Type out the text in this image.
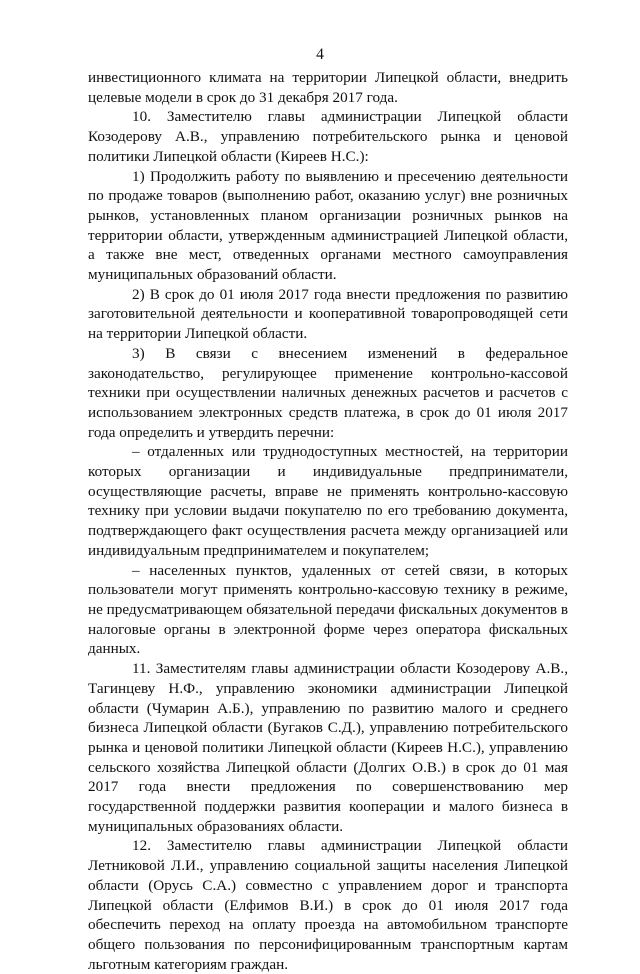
4

инвестиционного климата на территории Липецкой области, внедрить целевые модели в срок до 31 декабря 2017 года.

10. Заместителю главы администрации Липецкой области Козодерову А.В., управлению потребительского рынка и ценовой политики Липецкой области (Киреев Н.С.):

1) Продолжить работу по выявлению и пресечению деятельности по продаже товаров (выполнению работ, оказанию услуг) вне розничных рынков, установленных планом организации розничных рынков на территории области, утвержденным администрацией Липецкой области, а также вне мест, отведенных органами местного самоуправления муниципальных образований области.

2) В срок до 01 июля 2017 года внести предложения по развитию заготовительной деятельности и кооперативной товаропроводящей сети на территории Липецкой области.

3) В связи с внесением изменений в федеральное законодательство, регулирующее применение контрольно-кассовой техники при осуществлении наличных денежных расчетов и расчетов с использованием электронных средств платежа, в срок до 01 июля 2017 года определить и утвердить перечни:

– отдаленных или труднодоступных местностей, на территории которых организации и индивидуальные предприниматели, осуществляющие расчеты, вправе не применять контрольно-кассовую технику при условии выдачи покупателю по его требованию документа, подтверждающего факт осуществления расчета между организацией или индивидуальным предпринимателем и покупателем;

– населенных пунктов, удаленных от сетей связи, в которых пользователи могут применять контрольно-кассовую технику в режиме, не предусматривающем обязательной передачи фискальных документов в налоговые органы в электронной форме через оператора фискальных данных.

11. Заместителям главы администрации области Козодерову А.В., Тагинцеву Н.Ф., управлению экономики администрации Липецкой области (Чумарин А.Б.), управлению по развитию малого и среднего бизнеса Липецкой области (Бугаков С.Д.), управлению потребительского рынка и ценовой политики Липецкой области (Киреев Н.С.), управлению сельского хозяйства Липецкой области (Долгих О.В.) в срок до 01 мая 2017 года внести предложения по совершенствованию мер государственной поддержки развития кооперации и малого бизнеса в муниципальных образованиях области.

12. Заместителю главы администрации Липецкой области Летниковой Л.И., управлению социальной защиты населения Липецкой области (Орусь С.А.) совместно с управлением дорог и транспорта Липецкой области (Елфимов В.И.) в срок до 01 июля 2017 года обеспечить переход на оплату проезда на автомобильном транспорте общего пользования по персонифицированным транспортным картам льготным категориям граждан.
